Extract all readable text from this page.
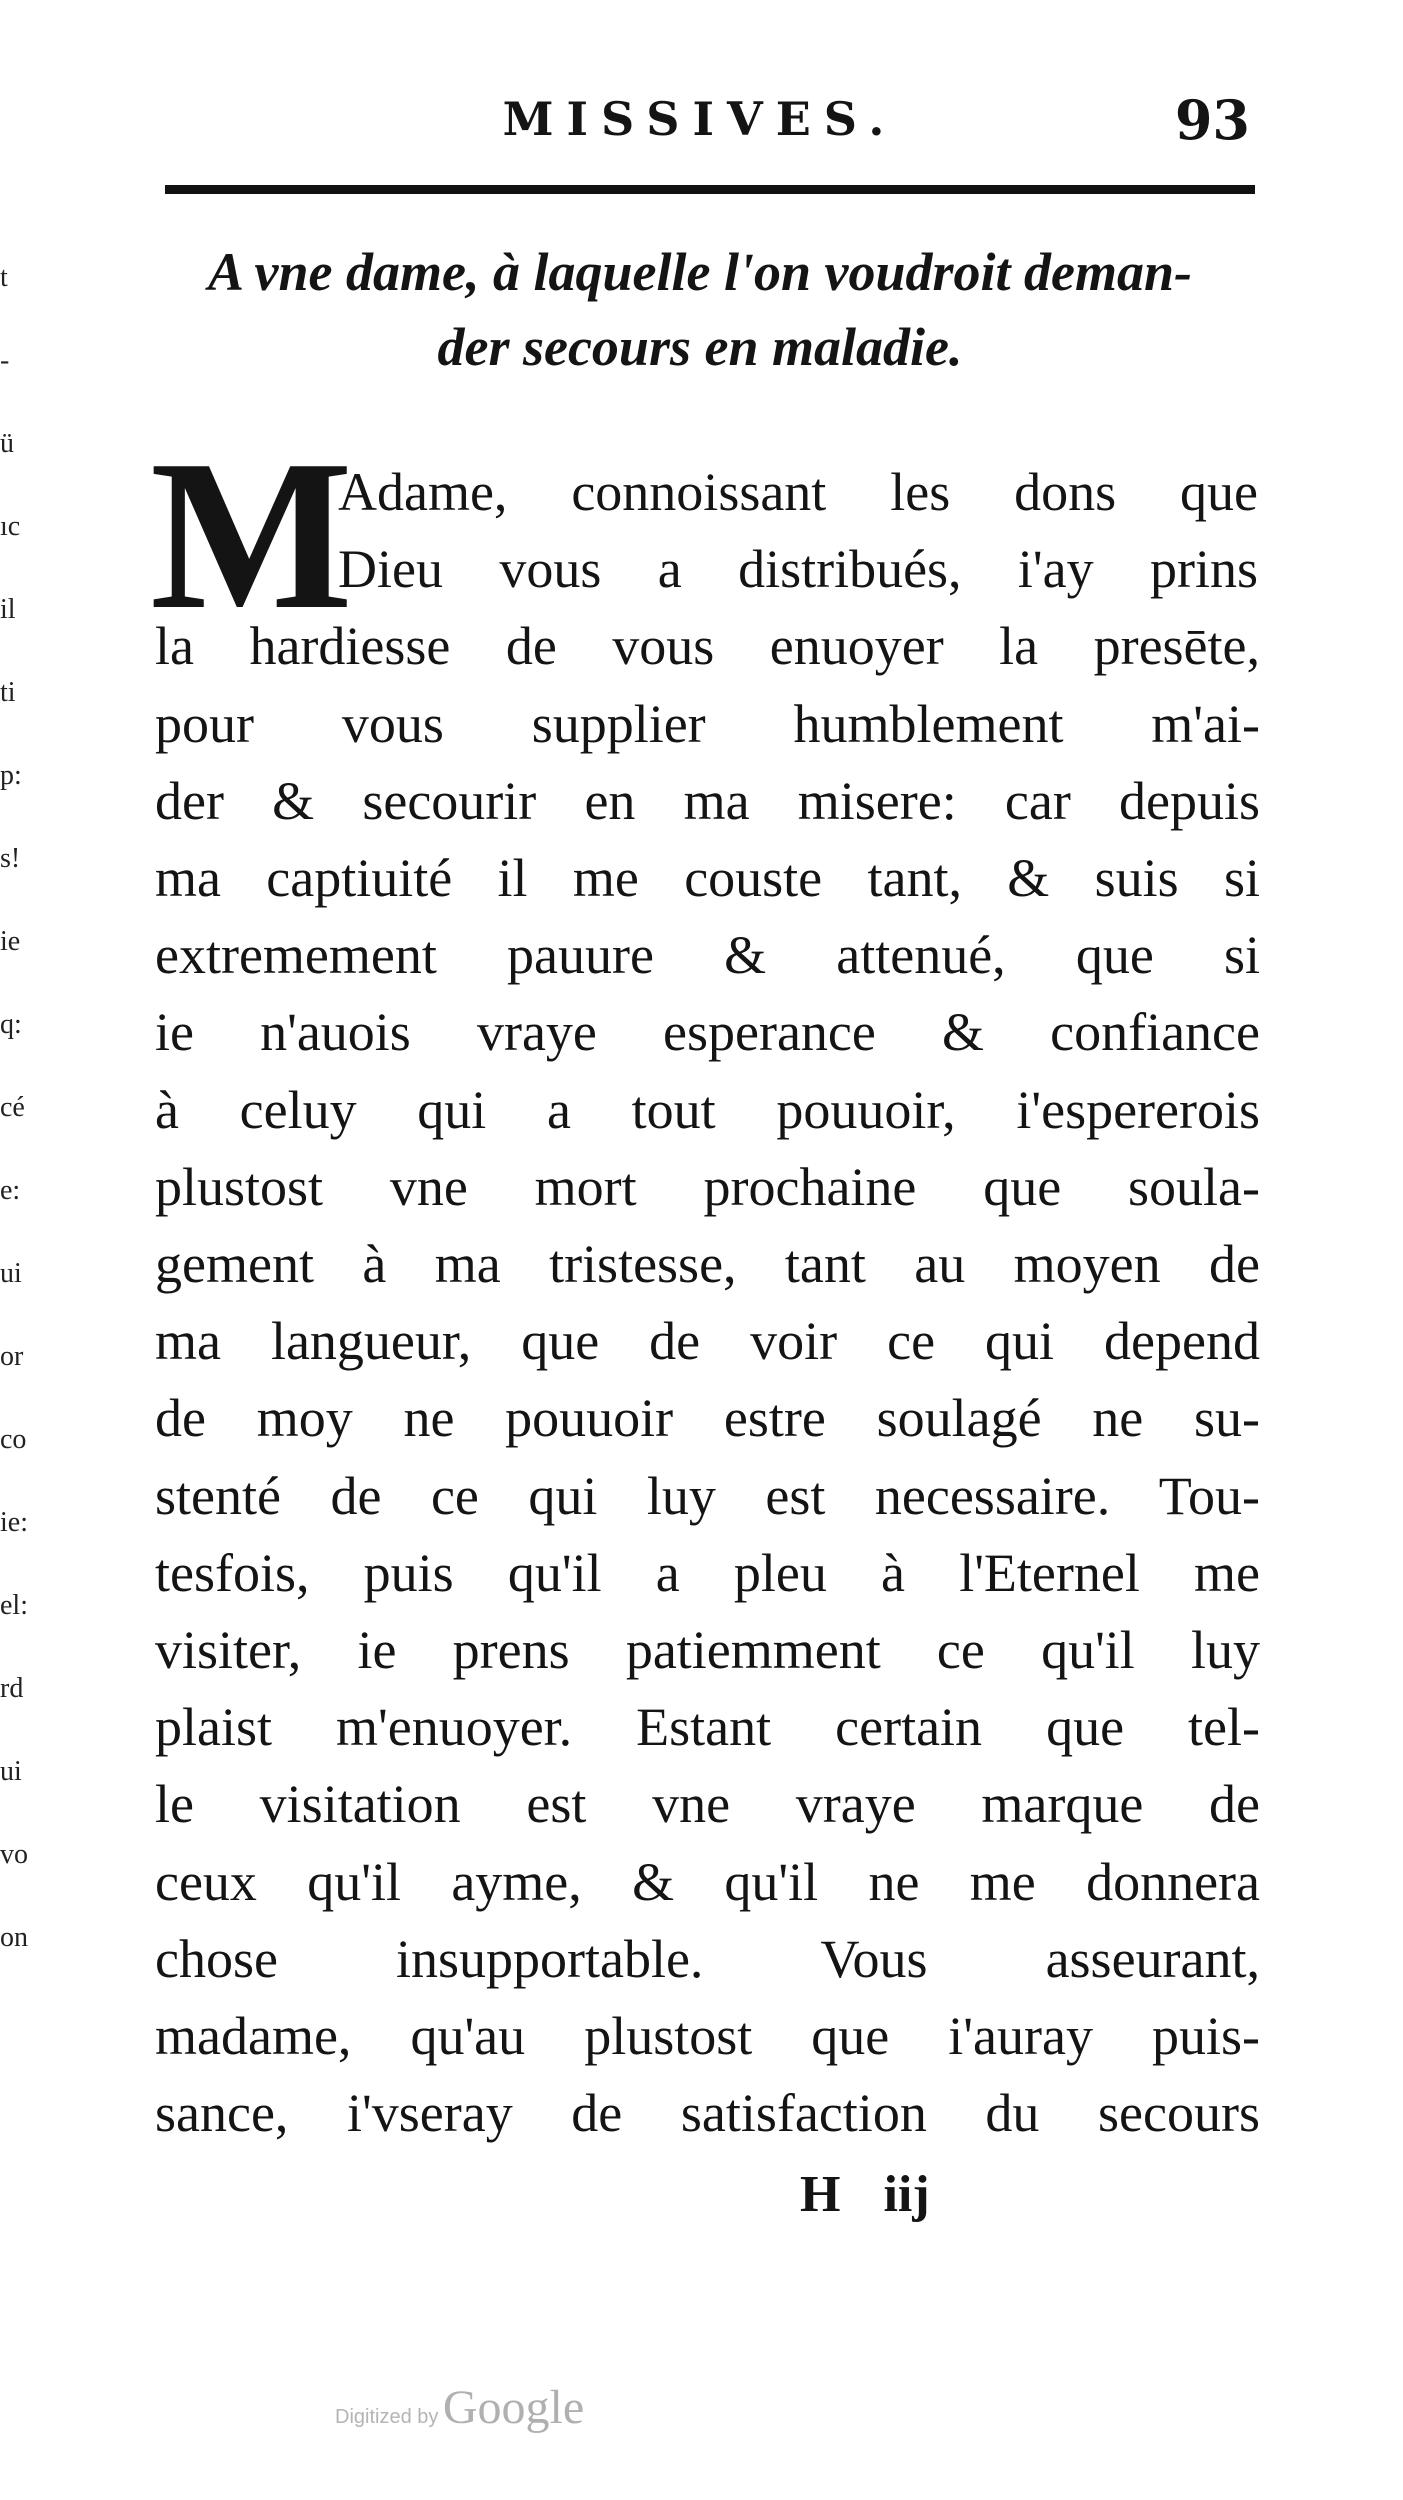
MISSIVES.	93
A vne dame, à laquelle l'on voudroit deman-
der secours en maladie.
M
Adame, connoissant les dons que
Dieu vous a distribués, i'ay prins
la hardiesse de vous enuoyer la presēte,
pour vous supplier humblement m'ai-
der & secourir en ma misere: car depuis
ma captiuité il me couste tant, & suis si
extremement pauure & attenué, que si
ie n'auois vraye esperance & confiance
à celuy qui a tout pouuoir, i'espererois
plustost vne mort prochaine que soula-
gement à ma tristesse, tant au moyen de
ma langueur, que de voir ce qui depend
de moy ne pouuoir estre soulagé ne su-
stenté de ce qui luy est necessaire. Tou-
tesfois, puis qu'il a pleu à l'Eternel me
visiter, ie prens patiemment ce qu'il luy
plaist m'enuoyer. Estant certain que tel-
le visitation est vne vraye marque de
ceux qu'il ayme, & qu'il ne me donnera
chose insupportable. Vous asseurant,
madame, qu'au plustost que i'auray puis-
sance, i'vseray de satisfaction du secours
H iij
t
-
ü
ıc
il
ti
p:
s!
ie
q:
cé
e:
ui
or
co
ie:
el:
rd
ui
vo
on
Digitized by Google
